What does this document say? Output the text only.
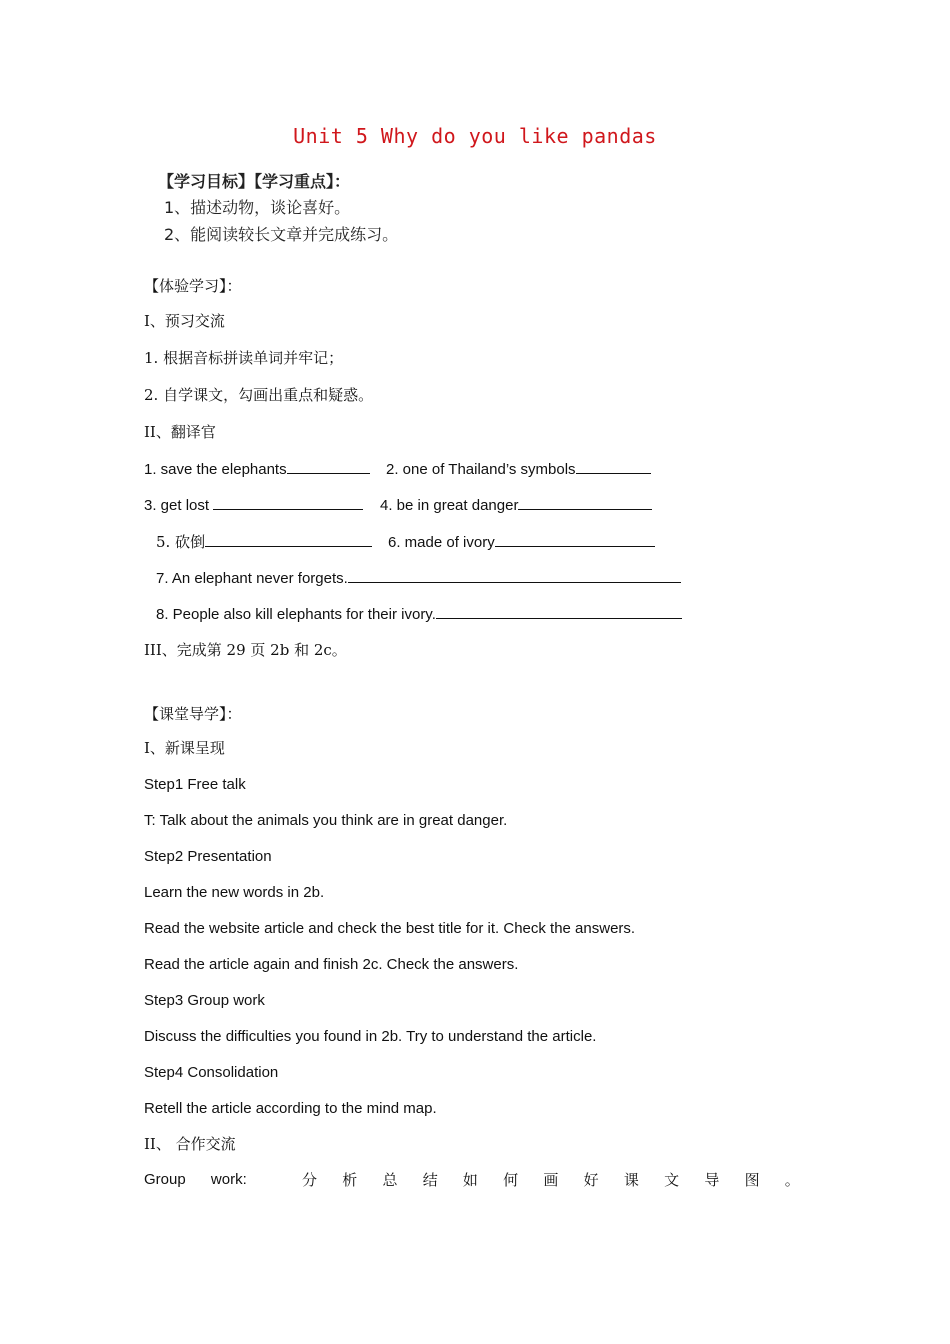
Unit 5 Why do you like pandas
【学习目标】【学习重点】：
1、描述动物，谈论喜好。
2、能阅读较长文章并完成练习。
【体验学习】：
I、预习交流
1. 根据音标拼读单词并牢记；
2. 自学课文，勾画出重点和疑惑。
II、翻译官
1. save the elephants	2. one of Thailand’s symbols
3. get lost	4. be in great danger
5. 砍倒	6. made of ivory
7. An elephant never forgets.
8. People also kill elephants for their ivory.
III、完成第 29 页 2b 和 2c。
【课堂导学】：
I、新课呈现
Step1 Free talk
T: Talk about the animals you think are in great danger.
Step2 Presentation
Learn the new words in 2b.
Read the website article and check the best title for it. Check the answers.
Read the article again and finish 2c. Check the answers.
Step3 Group work
Discuss the difficulties you found in 2b. Try to understand the article.
Step4 Consolidation
Retell the article according to the mind map.
II、 合作交流
Group work:	分 析 总 结 如 何 画 好 课 文 导 图 。
